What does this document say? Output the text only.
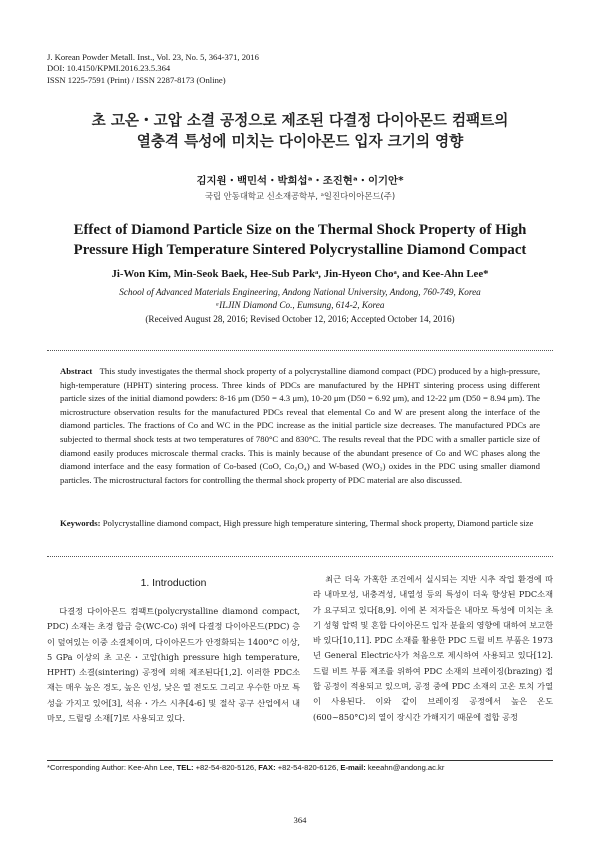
J. Korean Powder Metall. Inst., Vol. 23, No. 5, 364-371, 2016
DOI: 10.4150/KPMI.2016.23.5.364
ISSN 1225-7591 (Print) / ISSN 2287-8173 (Online)
초 고온・고압 소결 공정으로 제조된 다결정 다이아몬드 컴팩트의
열충격 특성에 미치는 다이아몬드 입자 크기의 영향
김지원・백민석・박희섭ᵃ・조진현ᵃ・이기안*
국립 안동대학교 신소재공학부, ᵃ일진다이아몬드(주)
Effect of Diamond Particle Size on the Thermal Shock Property of High
Pressure High Temperature Sintered Polycrystalline Diamond Compact
Ji-Won Kim, Min-Seok Baek, Hee-Sub Parkᵃ, Jin-Hyeon Choᵃ, and Kee-Ahn Lee*
School of Advanced Materials Engineering, Andong National University, Andong, 760-749, Korea
ᵃILJIN Diamond Co., Eumsung, 614-2, Korea
(Received August 28, 2016; Revised October 12, 2016; Accepted October 14, 2016)
Abstract This study investigates the thermal shock property of a polycrystalline diamond compact (PDC) produced by a high-pressure, high-temperature (HPHT) sintering process. Three kinds of PDCs are manufactured by the HPHT sintering process using different particle sizes of the initial diamond powders: 8-16 μm (D50 = 4.3 μm), 10-20 μm (D50 = 6.92 μm), and 12-22 μm (D50 = 8.94 μm). The microstructure observation results for the manufactured PDCs reveal that elemental Co and W are present along the interface of the diamond particles. The fractions of Co and WC in the PDC increase as the initial particle size decreases. The manufactured PDCs are subjected to thermal shock tests at two temperatures of 780°C and 830°C. The results reveal that the PDC with a smaller particle size of diamond easily produces microscale thermal cracks. This is mainly because of the abundant presence of Co and WC phases along the diamond interface and the easy formation of Co-based (CoO, Co₃O₄) and W-based (WO₂) oxides in the PDC using smaller diamond particles. The microstructural factors for controlling the thermal shock property of PDC material are also discussed.
Keywords: Polycrystalline diamond compact, High pressure high temperature sintering, Thermal shock property, Diamond particle size
1. Introduction
다결정 다이아몬드 컴팩트(polycrystalline diamond compact, PDC) 소재는 초경 합금 층(WC-Co) 위에 다결정 다이아몬드(PDC) 층이 덮여있는 이중 소결체이며, 다이아몬드가 안정화되는 1400°C 이상, 5 GPa 이상의 초 고온・고압(high pressure high temperature, HPHT) 소결(sintering) 공정에 의해 제조된다[1,2]. 이러한 PDC소재는 매우 높은 경도, 높은 인성, 낮은 열 전도도 그리고 우수한 마모 특성을 가지고 있어[3], 석유・가스 시추[4-6] 및 절삭 공구 산업에서 내마모, 드릴링 소재[7]로 사용되고 있다.
최근 더욱 가혹한 조건에서 실시되는 지반 시추 작업 환경에 따라 내마모성, 내충격성, 내열성 등의 특성이 더욱 향상된 PDC소재가 요구되고 있다[8,9]. 이에 본 저자들은 내마모 특성에 미치는 초기 성형 압력 및 혼합 다이아몬드 입자 분율의 영향에 대하여 보고한 바 있다[10,11]. PDC 소재를 활용한 PDC 드릴 비트 부품은 1973년 General Electric사가 처음으로 제시하여 사용되고 있다[12]. 드릴 비트 부품 제조를 위하여 PDC 소재의 브레이징(brazing) 접합 공정이 적용되고 있으며, 공정 중에 PDC 소재의 고온 토치 가열이 사용된다. 이와 같이 브레이징 공정에서 높은 온도(600~850°C)의 열이 장시간 가해지기 때문에 접합 공정
*Corresponding Author: Kee-Ahn Lee, TEL: +82-54-820-5126, FAX: +82-54-820-6126, E-mail: keeahn@andong.ac.kr
364
